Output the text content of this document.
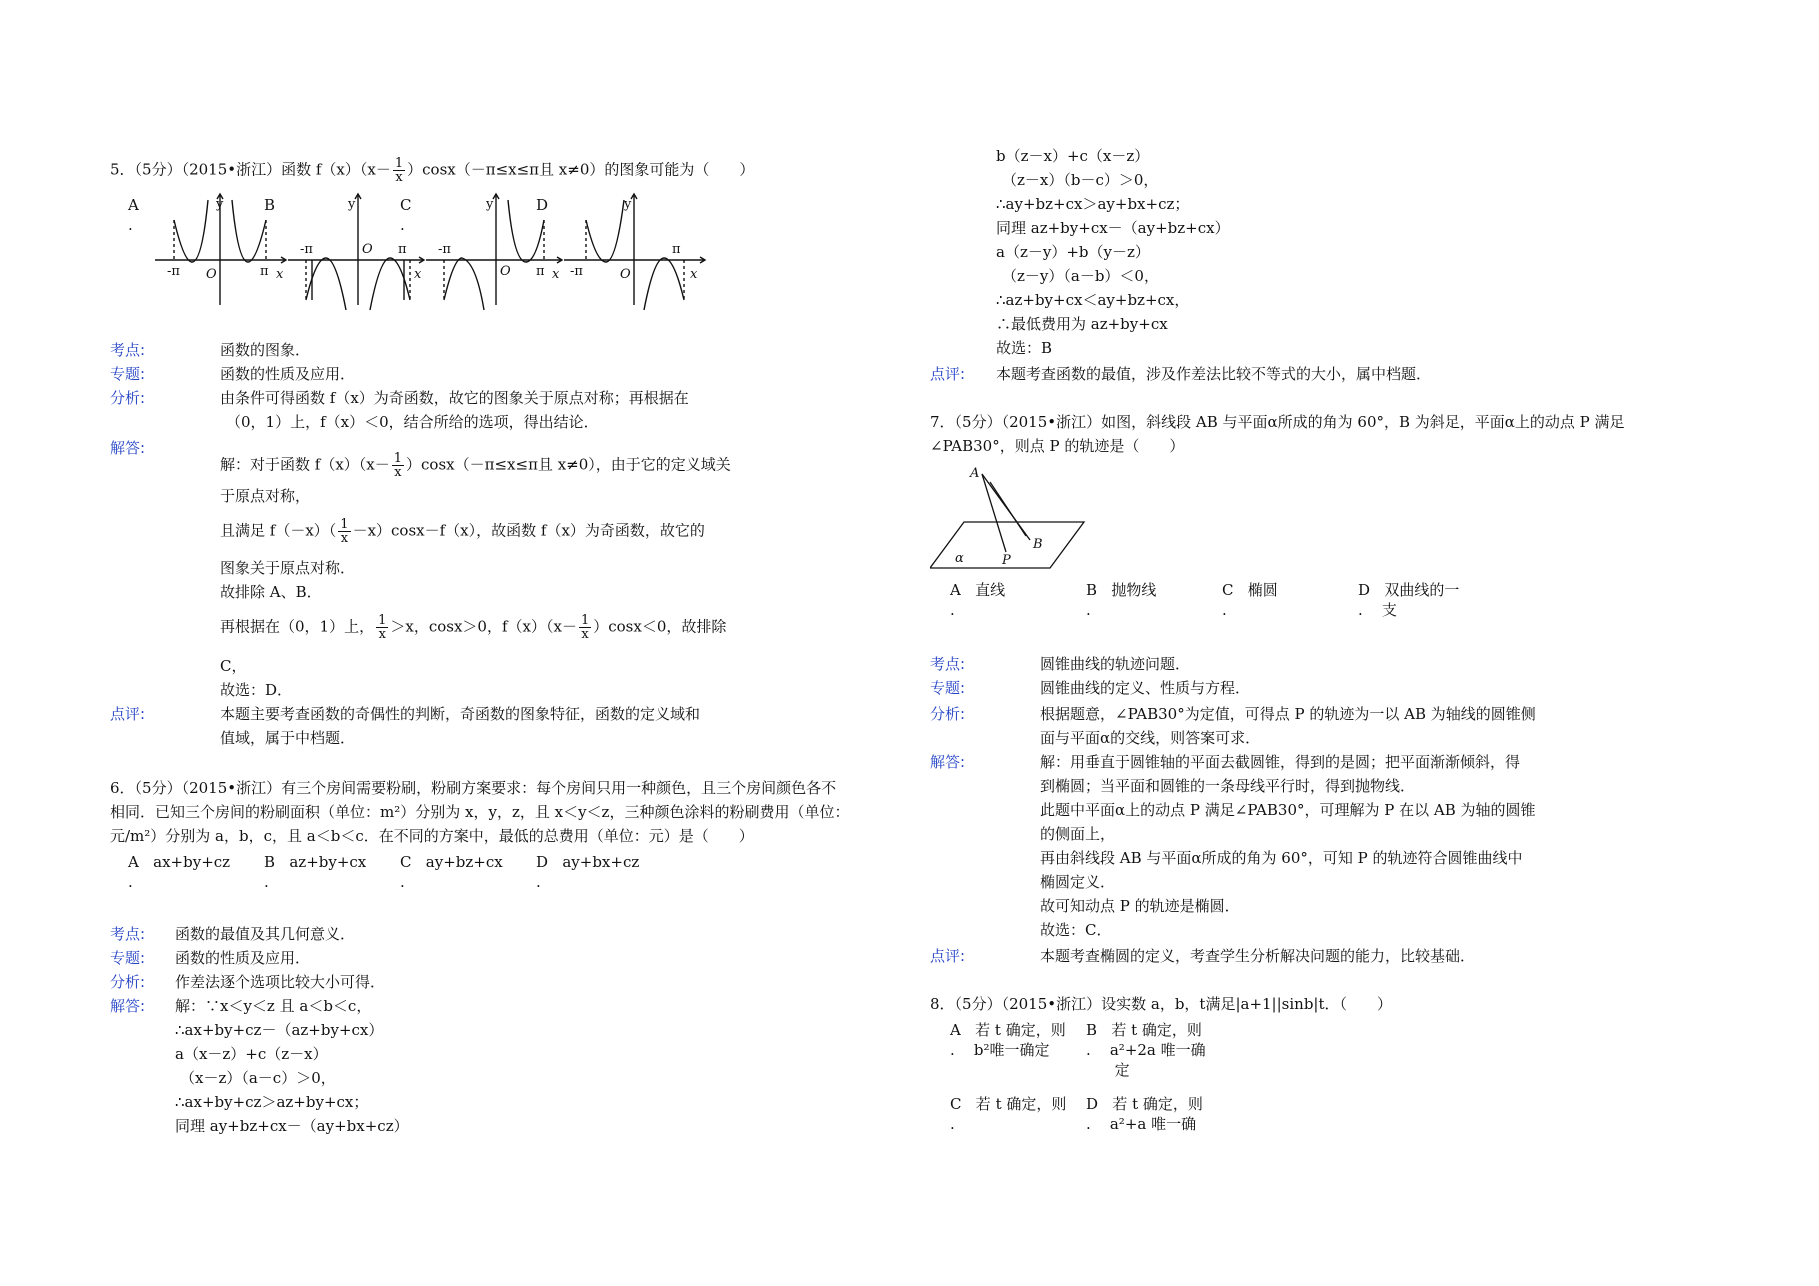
5．（5分）（2015•浙江）函数 $f(x)(x- \frac{1}{x} )\cos x(-\pi\le x\le\pi$且 x≠0）的图象可能为（　　）
A
.
B	C
.
D
y
O
-π	π x
y
O
-π	π
x
y
O
-π
π x
y
O
-π
π
x
考点:	函数的图象．
专题:	函数的性质及应用．
分析:	由条件可得函数 f（x）为奇函数，故它的图象关于原点对称；再根据在
（0，1）上，f（x）＜0，结合所给的选项，得出结论．
解答:
解：对于函数 $f(x)(x- \frac{1}{x} )\cos x(-\pi\le x\le\pi$且 x≠0），由于它的定义域关
于原点对称，
且满足 $f(-x)( \frac{1}{x} -x)\cos x-f(x)$，故函数 f（x）为奇函数，故它的
图象关于原点对称．
故排除 A、B．
再根据在（0，1）上， $\frac{1}{x} >x$，cosx＞0，$f(x)(x- \frac{1}{x} )\cos x<0$，故排除
C，
故选：D．
点评:	本题主要考查函数的奇偶性的判断，奇函数的图象特征，函数的定义域和
值域，属于中档题．
6．（5分）（2015•浙江）有三个房间需要粉刷，粉刷方案要求：每个房间只用一种颜色，且三个房间颜色各不
相同．已知三个房间的粉刷面积（单位：m²）分别为 x，y，z，且 x＜y＜z，三种颜色涂料的粉刷费用（单位：
元/m²）分别为 a，b，c，且 a＜b＜c．在不同的方案中，最低的总费用（单位：元）是（　　）
A ax+by+cz
.
B az+by+cx
.
C ay+bz+cx
.
D ay+bx+cz
.
考点: 函数的最值及其几何意义．
专题: 函数的性质及应用．
分析: 作差法逐个选项比较大小可得．
解答: 解：∵x＜y＜z 且 a＜b＜c，
∴ax+by+cz－（az+by+cx）
a（x－z）+c（z－x）
（x－z）（a－c）＞0，
∴ax+by+cz＞az+by+cx；
同理 ay+bz+cx－（ay+bx+cz）
b（z－x）+c（x－z）
（z－x）（b－c）＞0，
∴ay+bz+cx＞ay+bx+cz；
同理 az+by+cx－（ay+bz+cx）
a（z－y）+b（y－z）
（z－y）（a－b）＜0，
∴az+by+cx＜ay+bz+cx，
∴最低费用为 az+by+cx
故选：B
点评: 本题考查函数的最值，涉及作差法比较不等式的大小，属中档题．
7．（5分）（2015•浙江）如图，斜线段 AB 与平面α所成的角为 60°，B 为斜足，平面α上的动点 P 满足
∠PAB30°，则点 P 的轨迹是（　　）
A
B
P
α
A 直线
.
B 抛物线
.
C 椭圆
.
D 双曲线的一
. 支
考点:	圆锥曲线的轨迹问题．
专题:	圆锥曲线的定义、性质与方程．
分析:	根据题意，∠PAB30°为定值，可得点 P 的轨迹为一以 AB 为轴线的圆锥侧
面与平面α的交线，则答案可求．
解答:	解：用垂直于圆锥轴的平面去截圆锥，得到的是圆；把平面渐渐倾斜，得
到椭圆；当平面和圆锥的一条母线平行时，得到抛物线．
此题中平面α上的动点 P 满足∠PAB30°，可理解为 P 在以 AB 为轴的圆锥
的侧面上，
再由斜线段 AB 与平面α所成的角为 60°，可知 P 的轨迹符合圆锥曲线中
椭圆定义．
故可知动点 P 的轨迹是椭圆．
故选：C．
点评:	本题考查椭圆的定义，考查学生分析解决问题的能力，比较基础．
8．（5分）（2015•浙江）设实数 a，b，t满足|a+1||sinb|t．（　　）
A 若 t 确定，则
. b²唯一确定
B 若 t 确定，则
. a²+2a 唯一确
定
C 若 t 确定，则
.
D 若 t 确定，则
. a²+a 唯一确
